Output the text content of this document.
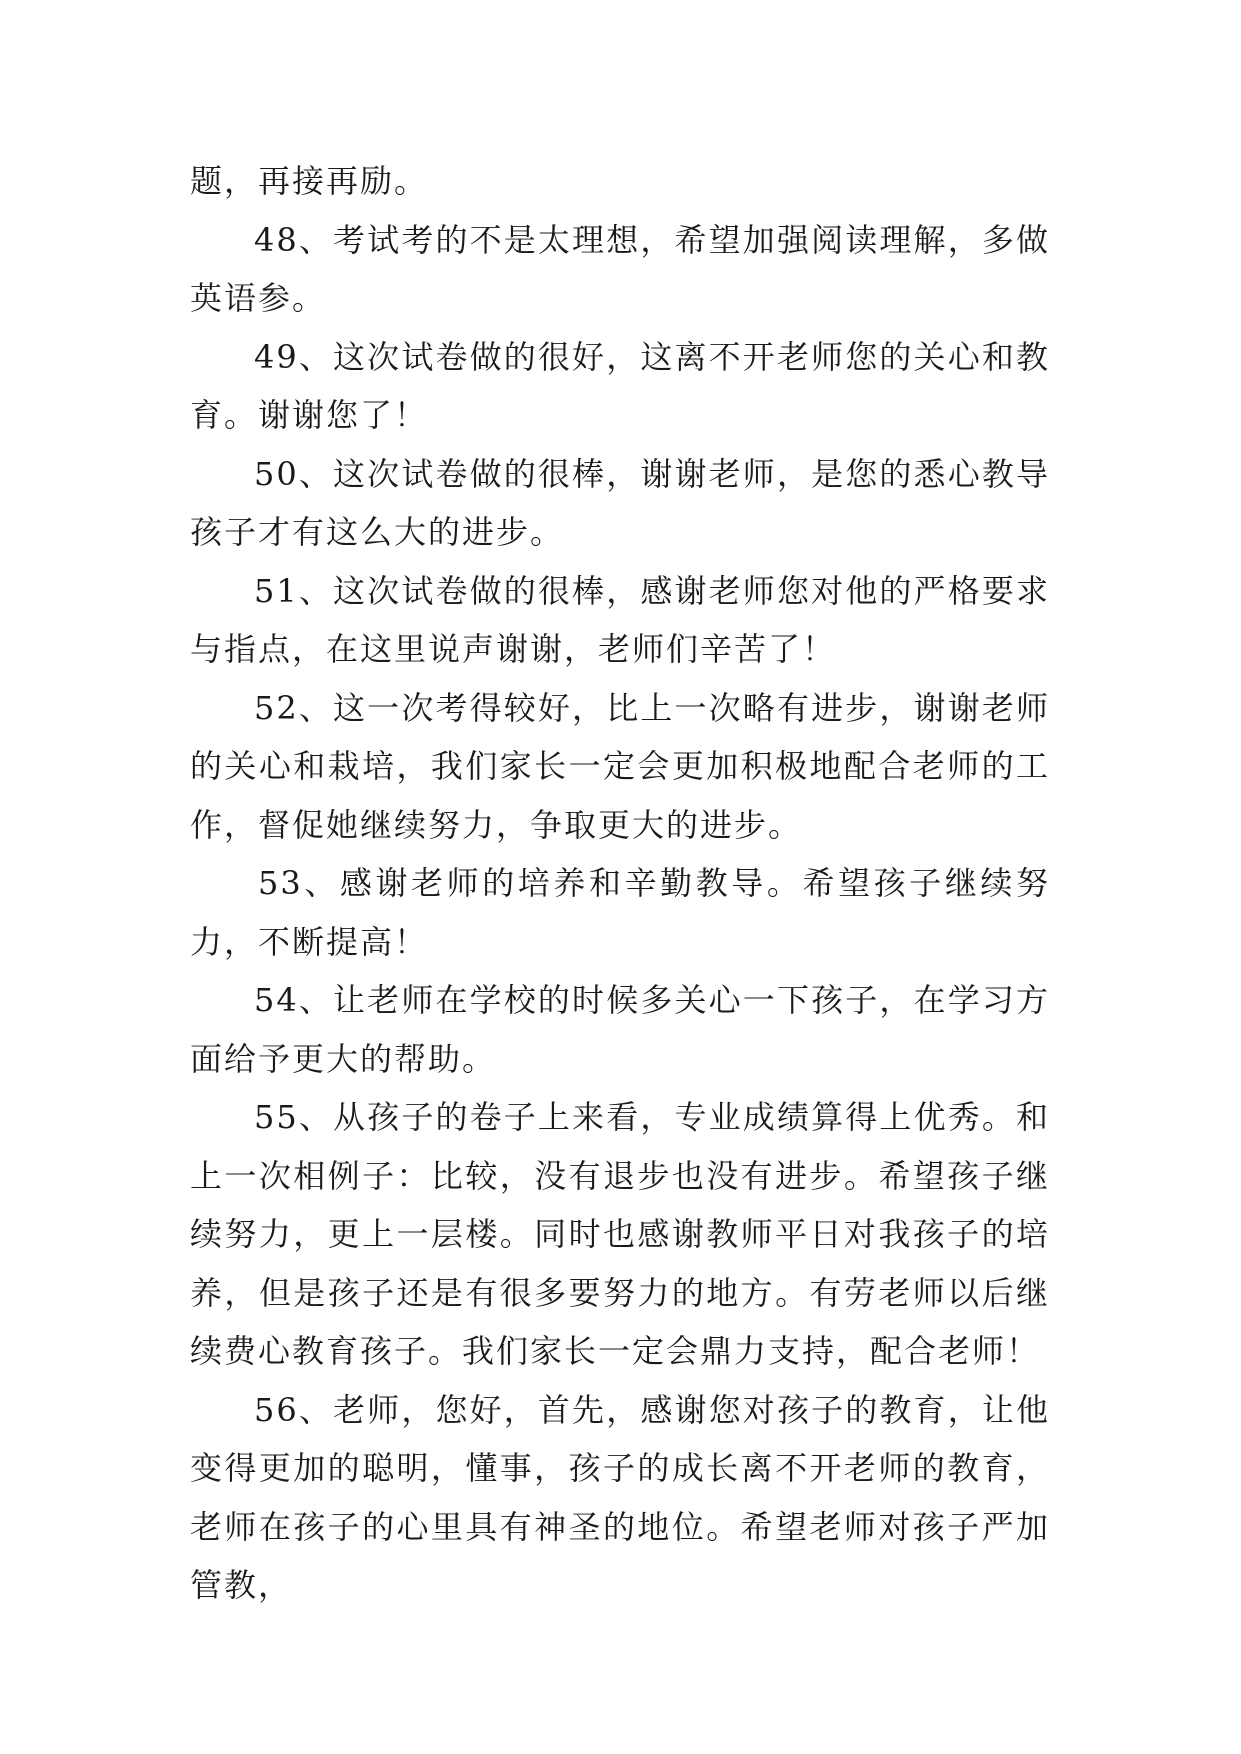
题，再接再励。

48、考试考的不是太理想，希望加强阅读理解，多做英语参。

49、这次试卷做的很好，这离不开老师您的关心和教育。谢谢您了！

50、这次试卷做的很棒，谢谢老师，是您的悉心教导孩子才有这么大的进步。

51、这次试卷做的很棒，感谢老师您对他的严格要求与指点，在这里说声谢谢，老师们辛苦了！

52、这一次考得较好，比上一次略有进步，谢谢老师的关心和栽培，我们家长一定会更加积极地配合老师的工作，督促她继续努力，争取更大的进步。

53、感谢老师的培养和辛勤教导。希望孩子继续努力，不断提高！

54、让老师在学校的时候多关心一下孩子，在学习方面给予更大的帮助。

55、从孩子的卷子上来看，专业成绩算得上优秀。和上一次相例子：比较，没有退步也没有进步。希望孩子继续努力，更上一层楼。同时也感谢教师平日对我孩子的培养，但是孩子还是有很多要努力的地方。有劳老师以后继续费心教育孩子。我们家长一定会鼎力支持，配合老师！

56、老师，您好，首先，感谢您对孩子的教育，让他变得更加的聪明，懂事，孩子的成长离不开老师的教育，老师在孩子的心里具有神圣的地位。希望老师对孩子严加管教，
